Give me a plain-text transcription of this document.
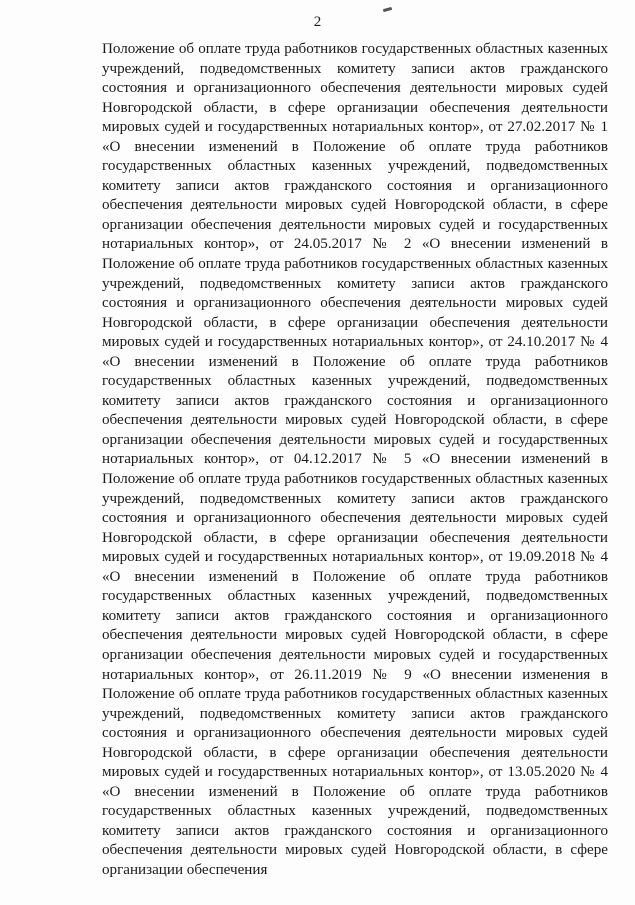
2

Положение об оплате труда работников государственных областных казенных учреждений, подведомственных комитету записи актов гражданского состояния и организационного обеспечения деятельности мировых судей Новгородской области, в сфере организации обеспечения деятельности мировых судей и государственных нотариальных контор», от 27.02.2017 № 1 «О внесении изменений в Положение об оплате труда работников государственных областных казенных учреждений, подведомственных комитету записи актов гражданского состояния и организационного обеспечения деятельности мировых судей Новгородской области, в сфере организации обеспечения деятельности мировых судей и государственных нотариальных контор», от 24.05.2017 № 2 «О внесении изменений в Положение об оплате труда работников государственных областных казенных учреждений, подведомственных комитету записи актов гражданского состояния и организационного обеспечения деятельности мировых судей Новгородской области, в сфере организации обеспечения деятельности мировых судей и государственных нотариальных контор», от 24.10.2017 № 4 «О внесении изменений в Положение об оплате труда работников государственных областных казенных учреждений, подведомственных комитету записи актов гражданского состояния и организационного обеспечения деятельности мировых судей Новгородской области, в сфере организации обеспечения деятельности мировых судей и государственных нотариальных контор», от 04.12.2017 № 5 «О внесении изменений в Положение об оплате труда работников государственных областных казенных учреждений, подведомственных комитету записи актов гражданского состояния и организационного обеспечения деятельности мировых судей Новгородской области, в сфере организации обеспечения деятельности мировых судей и государственных нотариальных контор», от 19.09.2018 № 4 «О внесении изменений в Положение об оплате труда работников государственных областных казенных учреждений, подведомственных комитету записи актов гражданского состояния и организационного обеспечения деятельности мировых судей Новгородской области, в сфере организации обеспечения деятельности мировых судей и государственных нотариальных контор», от 26.11.2019 № 9 «О внесении изменения в Положение об оплате труда работников государственных областных казенных учреждений, подведомственных комитету записи актов гражданского состояния и организационного обеспечения деятельности мировых судей Новгородской области, в сфере организации обеспечения деятельности мировых судей и государственных нотариальных контор», от 13.05.2020 № 4 «О внесении изменений в Положение об оплате труда работников государственных областных казенных учреждений, подведомственных комитету записи актов гражданского состояния и организационного обеспечения деятельности мировых судей Новгородской области, в сфере организации обеспечения
